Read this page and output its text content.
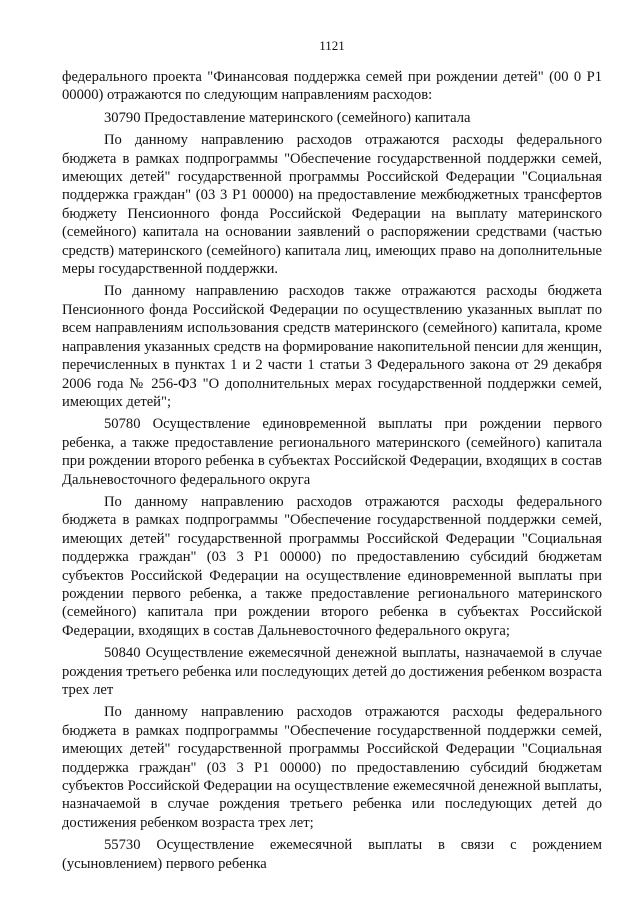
1121

федерального проекта "Финансовая поддержка семей при рождении детей" (00 0 Р1 00000) отражаются по следующим направлениям расходов:

30790 Предоставление материнского (семейного) капитала

По данному направлению расходов отражаются расходы федерального бюджета в рамках подпрограммы "Обеспечение государственной поддержки семей, имеющих детей" государственной программы Российской Федерации "Социальная поддержка граждан" (03 3 Р1 00000) на предоставление межбюджетных трансфертов бюджету Пенсионного фонда Российской Федерации на выплату материнского (семейного) капитала на основании заявлений о распоряжении средствами (частью средств) материнского (семейного) капитала лиц, имеющих право на дополнительные меры государственной поддержки.

По данному направлению расходов также отражаются расходы бюджета Пенсионного фонда Российской Федерации по осуществлению указанных выплат по всем направлениям использования средств материнского (семейного) капитала, кроме направления указанных средств на формирование накопительной пенсии для женщин, перечисленных в пунктах 1 и 2 части 1 статьи 3 Федерального закона от 29 декабря 2006 года № 256-ФЗ "О дополнительных мерах государственной поддержки семей, имеющих детей";

50780 Осуществление единовременной выплаты при рождении первого ребенка, а также предоставление регионального материнского (семейного) капитала при рождении второго ребенка в субъектах Российской Федерации, входящих в состав Дальневосточного федерального округа

По данному направлению расходов отражаются расходы федерального бюджета в рамках подпрограммы "Обеспечение государственной поддержки семей, имеющих детей" государственной программы Российской Федерации "Социальная поддержка граждан" (03 3 Р1 00000) по предоставлению субсидий бюджетам субъектов Российской Федерации на осуществление единовременной выплаты при рождении первого ребенка, а также предоставление регионального материнского (семейного) капитала при рождении второго ребенка в субъектах Российской Федерации, входящих в состав Дальневосточного федерального округа;

50840 Осуществление ежемесячной денежной выплаты, назначаемой в случае рождения третьего ребенка или последующих детей до достижения ребенком возраста трех лет

По данному направлению расходов отражаются расходы федерального бюджета в рамках подпрограммы "Обеспечение государственной поддержки семей, имеющих детей" государственной программы Российской Федерации "Социальная поддержка граждан" (03 3 Р1 00000) по предоставлению субсидий бюджетам субъектов Российской Федерации на осуществление ежемесячной денежной выплаты, назначаемой в случае рождения третьего ребенка или последующих детей до достижения ребенком возраста трех лет;

55730 Осуществление ежемесячной выплаты в связи с рождением (усыновлением) первого ребенка
